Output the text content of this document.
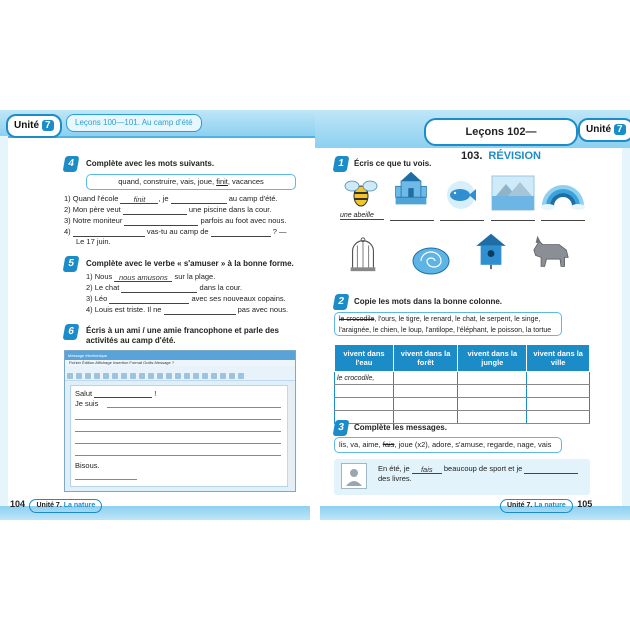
Unité 7	Leçons 100—101. Au camp d'été
Leçons 102—103. RÉVISION
Unité 7
4	Complète avec les mots suivants.
quand, construire, vais, joue, finit, vacances
1) Quand l'école finit , je	au camp d'été.
2) Mon père veut	une piscine dans la cour.
3) Notre moniteur	parfois au foot avec nous.
4)	vas-tu au camp de	? —
Le 17 juin.
5	Complète avec le verbe « s'amuser » à la bonne forme.
1) Nous nous amusons sur la plage.
2) Le chat	dans la cour.
3) Léo	avec ses nouveaux copains.
4) Louis est triste. Il ne	pas avec nous.
6	Écris à un ami / une amie francophone et parle des
activités au camp d'été.
Message électronique
Fichier Édition Affichage Insertion Format Outils Message ?
Salut	!
Je suis
Bisous.
104 Unité 7. La nature
1	Écris ce que tu vois.
une abeille
2	Copie les mots dans la bonne colonne.
le crocodile, l'ours, le tigre, le renard, le chat, le serpent, le singe,
l'araignée, le chien, le loup, l'antilope, l'éléphant, le poisson, la tortue
vivent dans l'eau	vivent dans la forêt	vivent dans la jungle	vivent dans la ville
le crocodile,			

3	Complète les messages.
lis, va, aime, fais, joue (x2), adore, s'amuse, regarde, nage, vais
En été, je fais beaucoup de sport et je
des livres.
Unité 7. La nature 105
